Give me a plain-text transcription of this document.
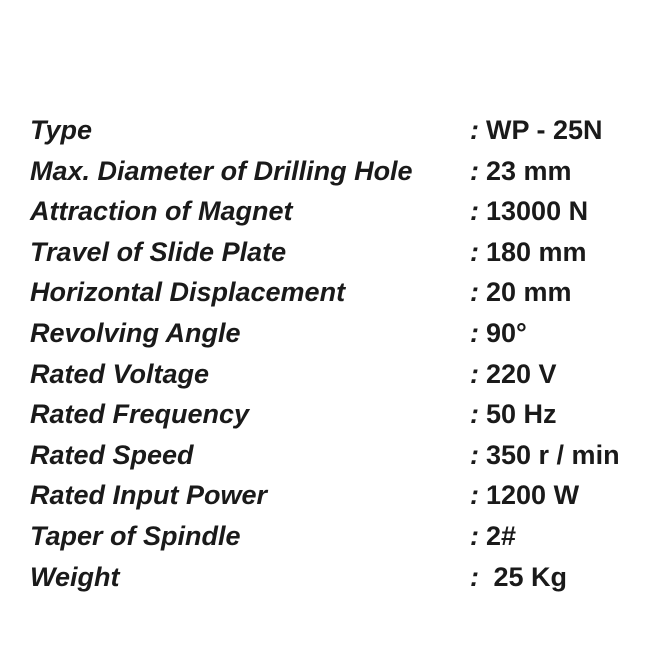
Type	: WP - 25N
Max. Diameter of Drilling Hole	: 23 mm
Attraction of Magnet	: 13000 N
Travel of Slide Plate	: 180 mm
Horizontal Displacement	: 20 mm
Revolving Angle	: 90°
Rated Voltage	: 220 V
Rated Frequency	: 50 Hz
Rated Speed	: 350 r / min
Rated Input Power	: 1200 W
Taper of Spindle	: 2#
Weight	: 25 Kg
